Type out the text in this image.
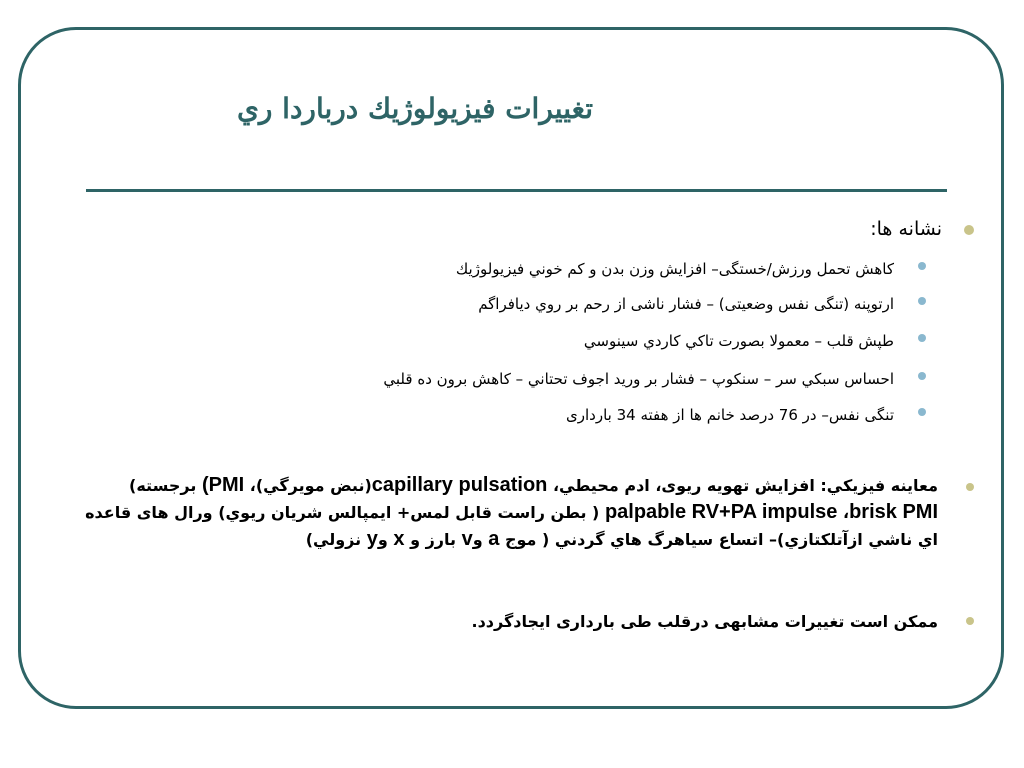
تغییرات فیزیولوژیك درباردا ري
نشانه ها:
كاهش تحمل ورزش/خستگی– افزایش وزن بدن و كم خوني فیزیولوژیك
ارتوپنه (تنگی نفس وضعیتی) – فشار ناشی از رحم بر روي دیافراگم
طپش قلب – معمولا بصورت تاكي كاردي سینوسي
احساس سبكي سر – سنكوپ – فشار بر ورید اجوف تحتاني – كاهش برون ده قلبي
تنگی نفس– در 76 درصد خانم ها از هفته 34 بارداری
معاینه فیزیكي: افزایش تهویه ریوی، ادم محیطي، capillary pulsation(نبض مویرگي)، (PMI برجسته)
brisk PMI، palpable RV+PA impulse ( بطن راست قابل لمس+ ایمپالس شریان ریوي) ورال های قاعده
اي ناشي ازآتلكتازي)– اتساع سیاهرگ هاي گردني ( موج a وv بارز و x وy نزولي)
ممكن است تغییرات مشابهی درقلب طی بارداری ایجادگردد.
